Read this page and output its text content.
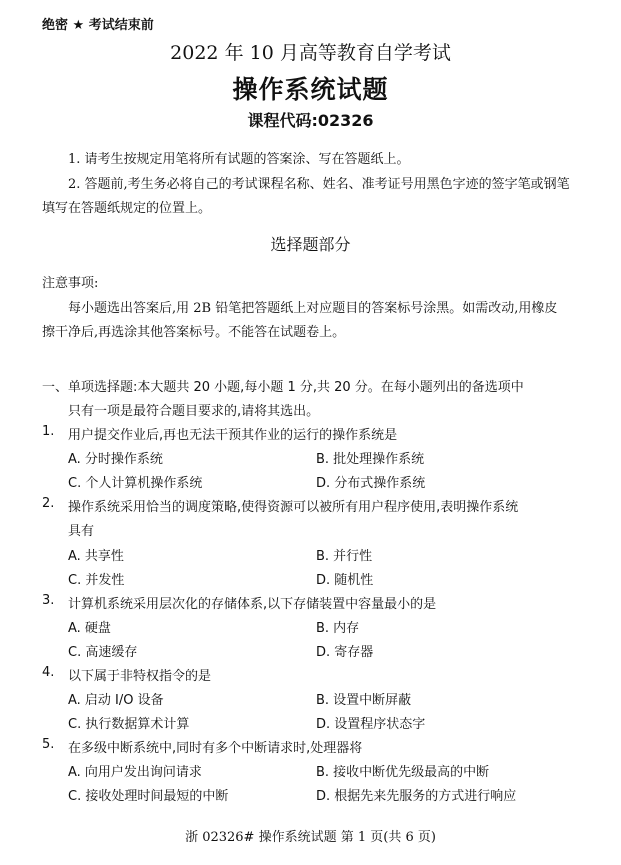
绝密 ★ 考试结束前
2022 年 10 月高等教育自学考试
操作系统试题
课程代码:02326
1. 请考生按规定用笔将所有试题的答案涂、写在答题纸上。
2. 答题前,考生务必将自己的考试课程名称、姓名、准考证号用黑色字迹的签字笔或钢笔
填写在答题纸规定的位置上。
选择题部分
注意事项:
每小题选出答案后,用 2B 铅笔把答题纸上对应题目的答案标号涂黑。如需改动,用橡皮
擦干净后,再选涂其他答案标号。不能答在试题卷上。
一、单项选择题:本大题共 20 小题,每小题 1 分,共 20 分。在每小题列出的备选项中
只有一项是最符合题目要求的,请将其选出。
1. 用户提交作业后,再也无法干预其作业的运行的操作系统是
A. 分时操作系统	B. 批处理操作系统
C. 个人计算机操作系统	D. 分布式操作系统
2. 操作系统采用恰当的调度策略,使得资源可以被所有用户程序使用,表明操作系统
具有
A. 共享性	B. 并行性
C. 并发性	D. 随机性
3. 计算机系统采用层次化的存储体系,以下存储装置中容量最小的是
A. 硬盘	B. 内存
C. 高速缓存	D. 寄存器
4. 以下属于非特权指令的是
A. 启动 I/O 设备	B. 设置中断屏蔽
C. 执行数据算术计算	D. 设置程序状态字
5. 在多级中断系统中,同时有多个中断请求时,处理器将
A. 向用户发出询问请求	B. 接收中断优先级最高的中断
C. 接收处理时间最短的中断	D. 根据先来先服务的方式进行响应
浙 02326# 操作系统试题 第 1 页(共 6 页)
